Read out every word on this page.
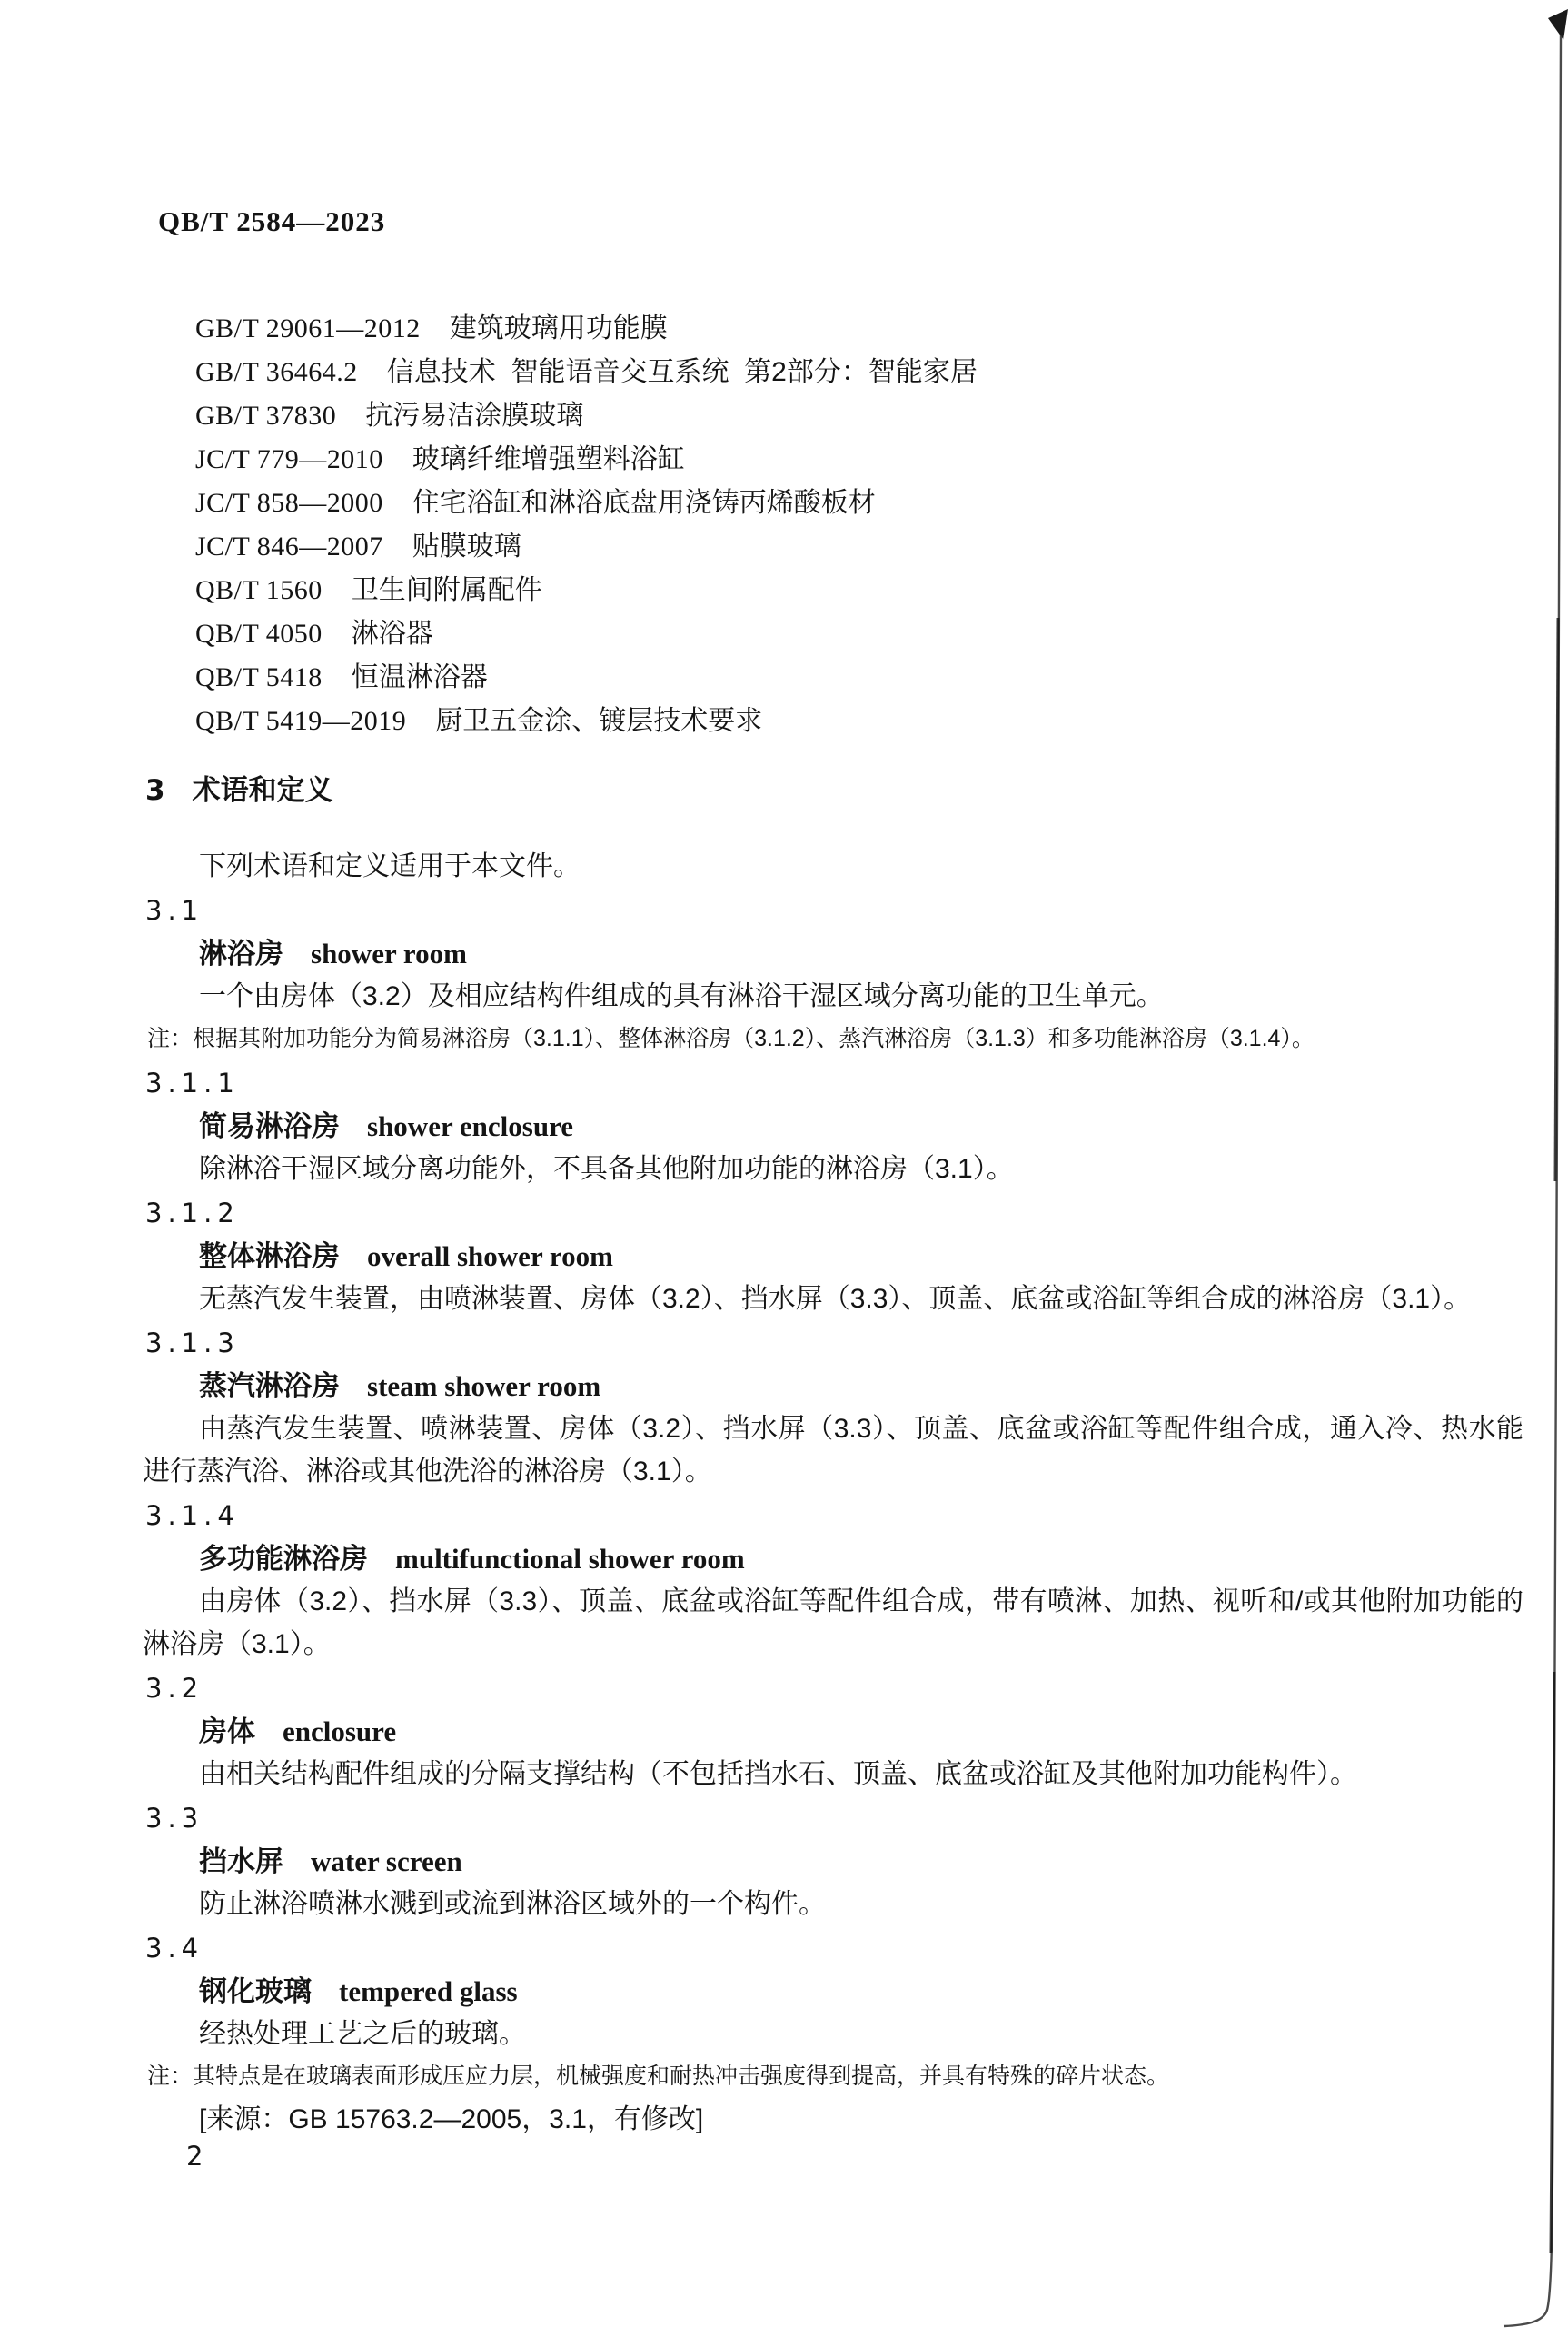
QB/T 2584—2023
GB/T 29061—2012 建筑玻璃用功能膜
GB/T 36464.2 信息技术  智能语音交互系统  第2部分：智能家居
GB/T 37830 抗污易洁涂膜玻璃
JC/T 779—2010 玻璃纤维增强塑料浴缸
JC/T 858—2000 住宅浴缸和淋浴底盘用浇铸丙烯酸板材
JC/T 846—2007 贴膜玻璃
QB/T 1560 卫生间附属配件
QB/T 4050 淋浴器
QB/T 5418 恒温淋浴器
QB/T 5419—2019 厨卫五金涂、镀层技术要求
3 术语和定义

下列术语和定义适用于本文件。

3.1
淋浴房 shower room

一个由房体（3.2）及相应结构件组成的具有淋浴干湿区域分离功能的卫生单元。

注：根据其附加功能分为简易淋浴房（3.1.1）、整体淋浴房（3.1.2）、蒸汽淋浴房（3.1.3）和多功能淋浴房（3.1.4）。

3.1.1
简易淋浴房 shower enclosure

除淋浴干湿区域分离功能外，不具备其他附加功能的淋浴房（3.1）。

3.1.2
整体淋浴房 overall shower room

无蒸汽发生装置，由喷淋装置、房体（3.2）、挡水屏（3.3）、顶盖、底盆或浴缸等组合成的淋浴房（3.1）。

3.1.3
蒸汽淋浴房 steam shower room

由蒸汽发生装置、喷淋装置、房体（3.2）、挡水屏（3.3）、顶盖、底盆或浴缸等配件组合成，通入冷、热水能进行蒸汽浴、淋浴或其他洗浴的淋浴房（3.1）。

3.1.4
多功能淋浴房 multifunctional shower room

由房体（3.2）、挡水屏（3.3）、顶盖、底盆或浴缸等配件组合成，带有喷淋、加热、视听和/或其他附加功能的淋浴房（3.1）。

3.2
房体 enclosure

由相关结构配件组成的分隔支撑结构（不包括挡水石、顶盖、底盆或浴缸及其他附加功能构件）。

3.3
挡水屏 water screen

防止淋浴喷淋水溅到或流到淋浴区域外的一个构件。

3.4
钢化玻璃 tempered glass

经热处理工艺之后的玻璃。

注：其特点是在玻璃表面形成压应力层，机械强度和耐热冲击强度得到提高，并具有特殊的碎片状态。

[来源：GB 15763.2—2005，3.1，有修改]

2
